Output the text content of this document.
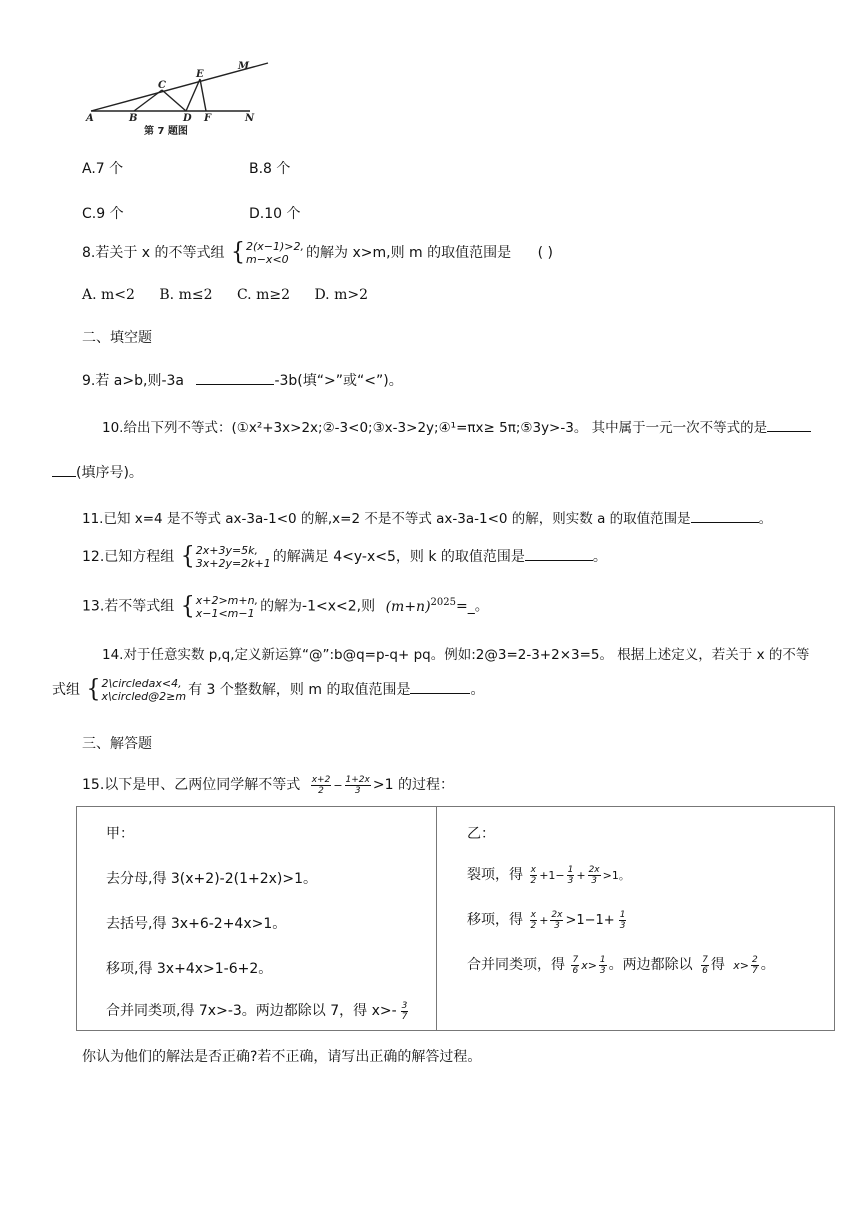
A	B
C
D
E
F
M
N
第 7 题图
A.7 个	B.8 个
C.9 个	D.10 个
8.若关于 x 的不等式组 { 2(x−1)>2,
m−x<0	的解为 x>m,则 m 的取值范围是 ( )
A. m<2 B. m≤2 C. m≥2 D. m>2
二、填空题
9.若 a>b,则-3a	-3b(填“>”或“<”)。
10.给出下列不等式：(①x²+3x>2x;②-3<0;③x-3>2y;④¹=πx≥ 5π;⑤3y>-3。 其中属于一元一次不等式的是
(填序号)。
11.已知 x=4 是不等式 ax-3a-1<0 的解,x=2 不是不等式 ax-3a-1<0 的解，则实数 a 的取值范围是	。
12.已知方程组 { 2x+3y=5k,
3x+2y=2k+1 的解满足 4<y-x<5，则 k 的取值范围是	。
13.若不等式组 { x+2>m+n,
x−1<m−1 的解为-1<x<2,则 $(m+n)^{2025}=\_$。
14.对于任意实数 p,q,定义新运算“@”:b@q=p-q+ pq。例如:2@3=2-3+2×3=5。 根据上述定义，若关于 x 的不等
式组 { 2\circledax<4,
x\circled@2≥m 有 3 个整数解，则 m 的取值范围是	。
三、解答题
15.以下是甲、乙两位同学解不等式 $\frac{x+2}{2} - \frac{1+2x}{3} >1$ 的过程：
甲：
去分母,得 3(x+2)-2(1+2x)>1。
去括号,得 3x+6-2+4x>1。
移项,得 3x+4x>1-6+2。
合并同类项,得 7x>-3。两边都除以 7，得 $x>- \frac{3}{7}$

乙：
裂项，得 $\frac{x}{2} +1- \frac{1}{3} + \frac{2x}{3} >1$。
移项，得 $\frac{x}{2} + \frac{2x}{3} >1-1+ \frac{1}{3}$
合并同类项，得 $\frac{7}{6} x> \frac{1}{3}$ 。两边都除以 $\frac{7}{6}$ 得 $x> \frac{2}{7}$ 。
你认为他们的解法是否正确?若不正确，请写出正确的解答过程。
